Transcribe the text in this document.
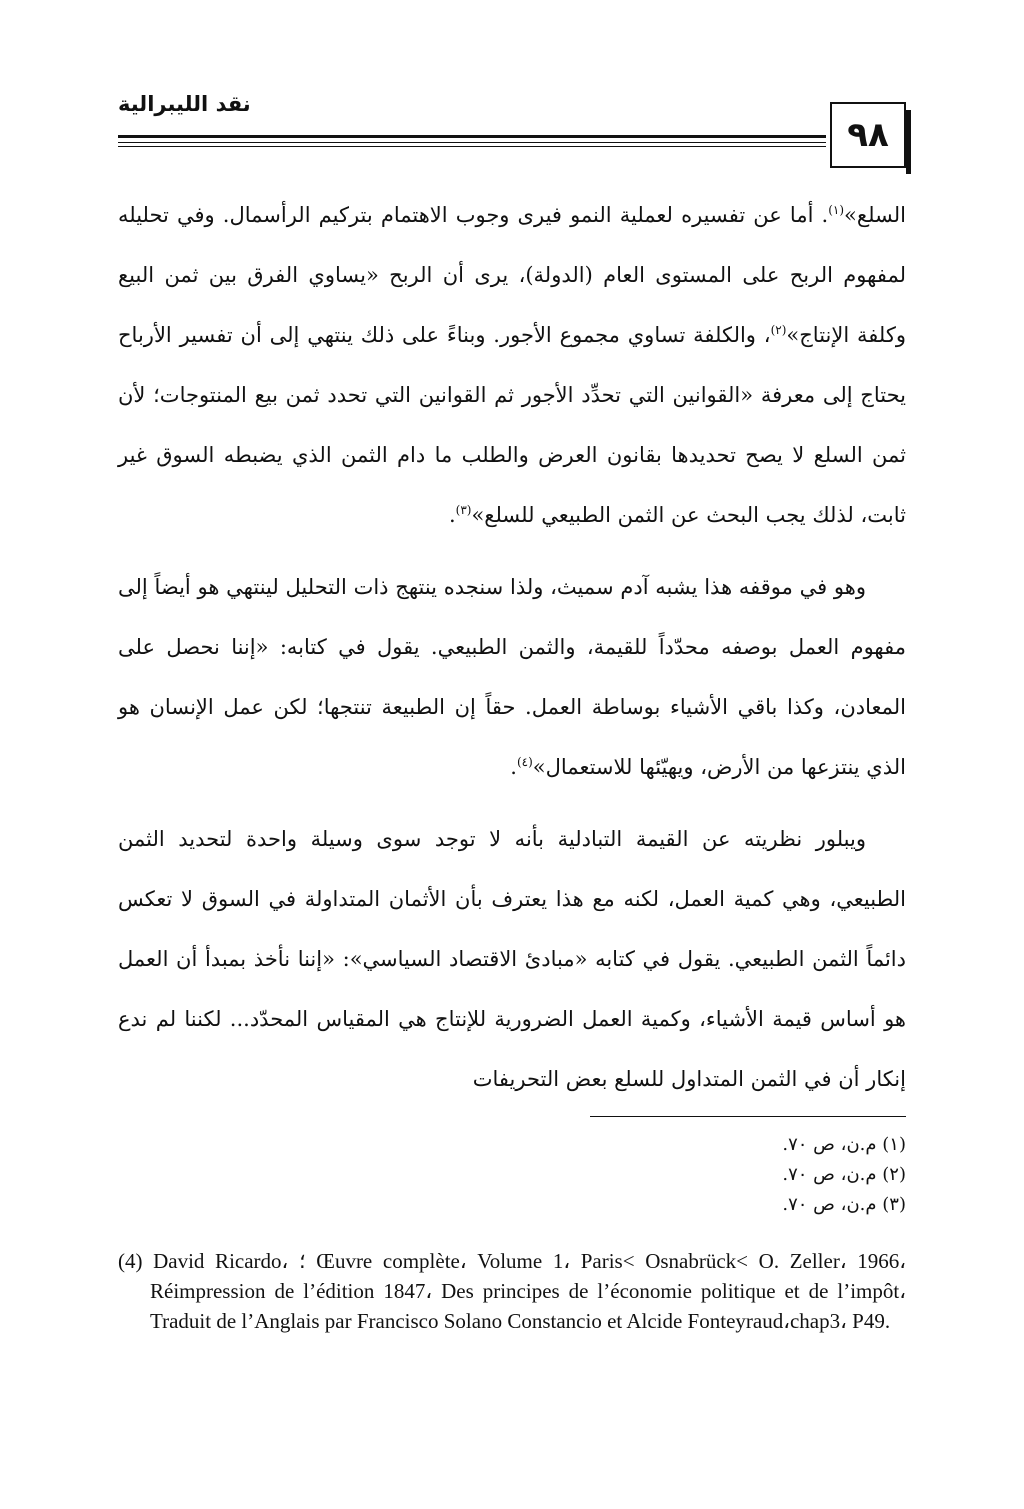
نقد الليبرالية
٩٨

السلع»$^{(١)}$. أما عن تفسيره لعملية النمو فيرى وجوب الاهتمام بتركيم الرأسمال. وفي تحليله لمفهوم الربح على المستوى العام (الدولة)، يرى أن الربح «يساوي الفرق بين ثمن البيع وكلفة الإنتاج»$^{(٢)}$، والكلفة تساوي مجموع الأجور. وبناءً على ذلك ينتهي إلى أن تفسير الأرباح يحتاج إلى معرفة «القوانين التي تحدِّد الأجور ثم القوانين التي تحدد ثمن بيع المنتوجات؛ لأن ثمن السلع لا يصح تحديدها بقانون العرض والطلب ما دام الثمن الذي يضبطه السوق غير ثابت، لذلك يجب البحث عن الثمن الطبيعي للسلع»$^{(٣)}$.

وهو في موقفه هذا يشبه آدم سميث، ولذا سنجده ينتهج ذات التحليل لينتهي هو أيضاً إلى مفهوم العمل بوصفه محدّداً للقيمة، والثمن الطبيعي. يقول في كتابه: «إننا نحصل على المعادن، وكذا باقي الأشياء بوساطة العمل. حقاً إن الطبيعة تنتجها؛ لكن عمل الإنسان هو الذي ينتزعها من الأرض، ويهيّئها للاستعمال»$^{(٤)}$.

ويبلور نظريته عن القيمة التبادلية بأنه لا توجد سوى وسيلة واحدة لتحديد الثمن الطبيعي، وهي كمية العمل، لكنه مع هذا يعترف بأن الأثمان المتداولة في السوق لا تعكس دائماً الثمن الطبيعي. يقول في كتابه «مبادئ الاقتصاد السياسي»: «إننا نأخذ بمبدأ أن العمل هو أساس قيمة الأشياء، وكمية العمل الضرورية للإنتاج هي المقياس المحدّد... لكننا لم ندع إنكار أن في الثمن المتداول للسلع بعض التحريفات

(١) م.ن، ص ٧٠.
(٢) م.ن، ص ٧٠.
(٣) م.ن، ص ٧٠.
(4) David Ricardo، ؛ Œuvre complète، Volume 1، Paris< Osnabrück< O. Zeller، 1966، Réimpression de l’édition 1847، Des principes de l’économie politique et de l’impôt، Traduit de l’Anglais par Francisco Solano Constancio et Alcide Fonteyraud،chap3، P49.
